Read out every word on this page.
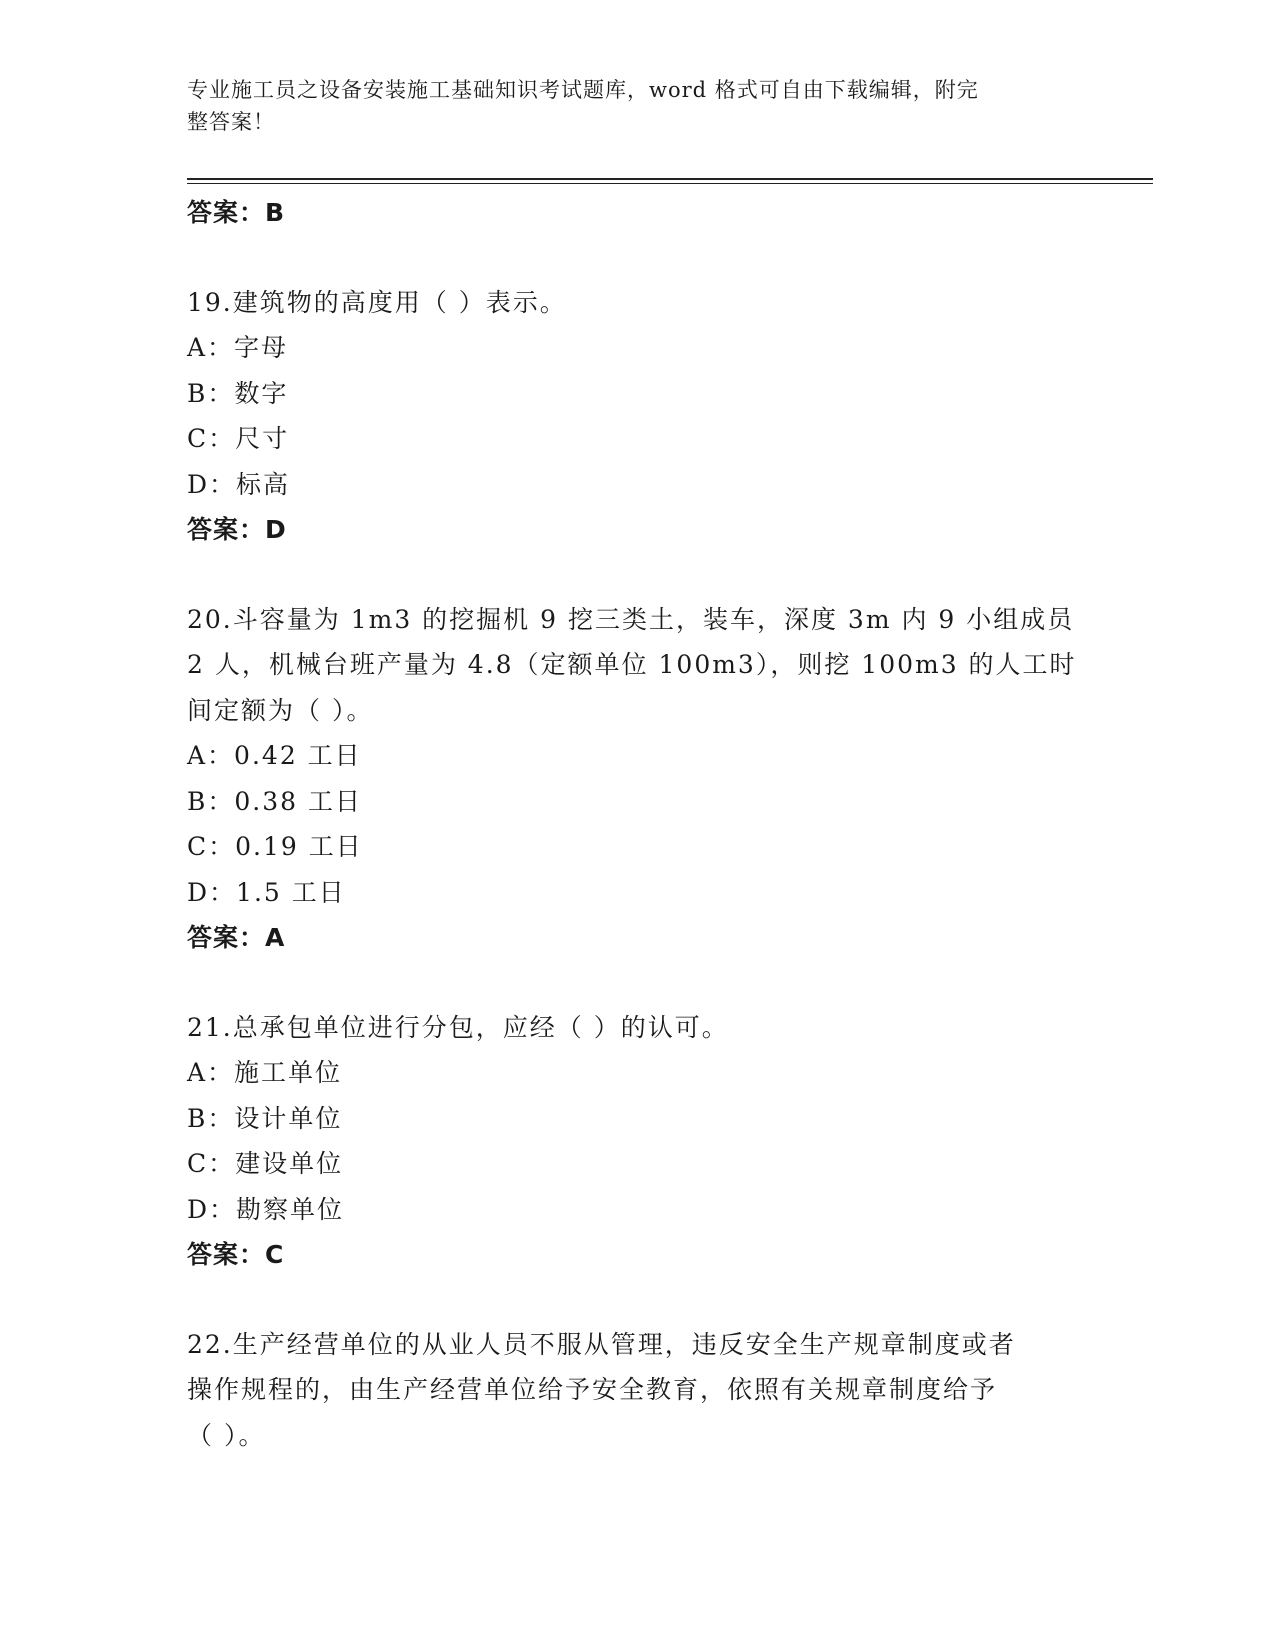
专业施工员之设备安装施工基础知识考试题库，word 格式可自由下载编辑，附完
整答案！
答案：B
19.建筑物的高度用（ ）表示。
A：字母
B：数字
C：尺寸
D：标高
答案：D
20.斗容量为 1m3 的挖掘机 9 挖三类土，装车，深度 3m 内 9 小组成员
2 人，机械台班产量为 4.8（定额单位 100m3），则挖 100m3 的人工时
间定额为（ ）。
A：0.42 工日
B：0.38 工日
C：0.19 工日
D：1.5 工日
答案：A
21.总承包单位进行分包，应经（ ）的认可。
A：施工单位
B：设计单位
C：建设单位
D：勘察单位
答案：C
22.生产经营单位的从业人员不服从管理，违反安全生产规章制度或者
操作规程的，由生产经营单位给予安全教育，依照有关规章制度给予
（ ）。
